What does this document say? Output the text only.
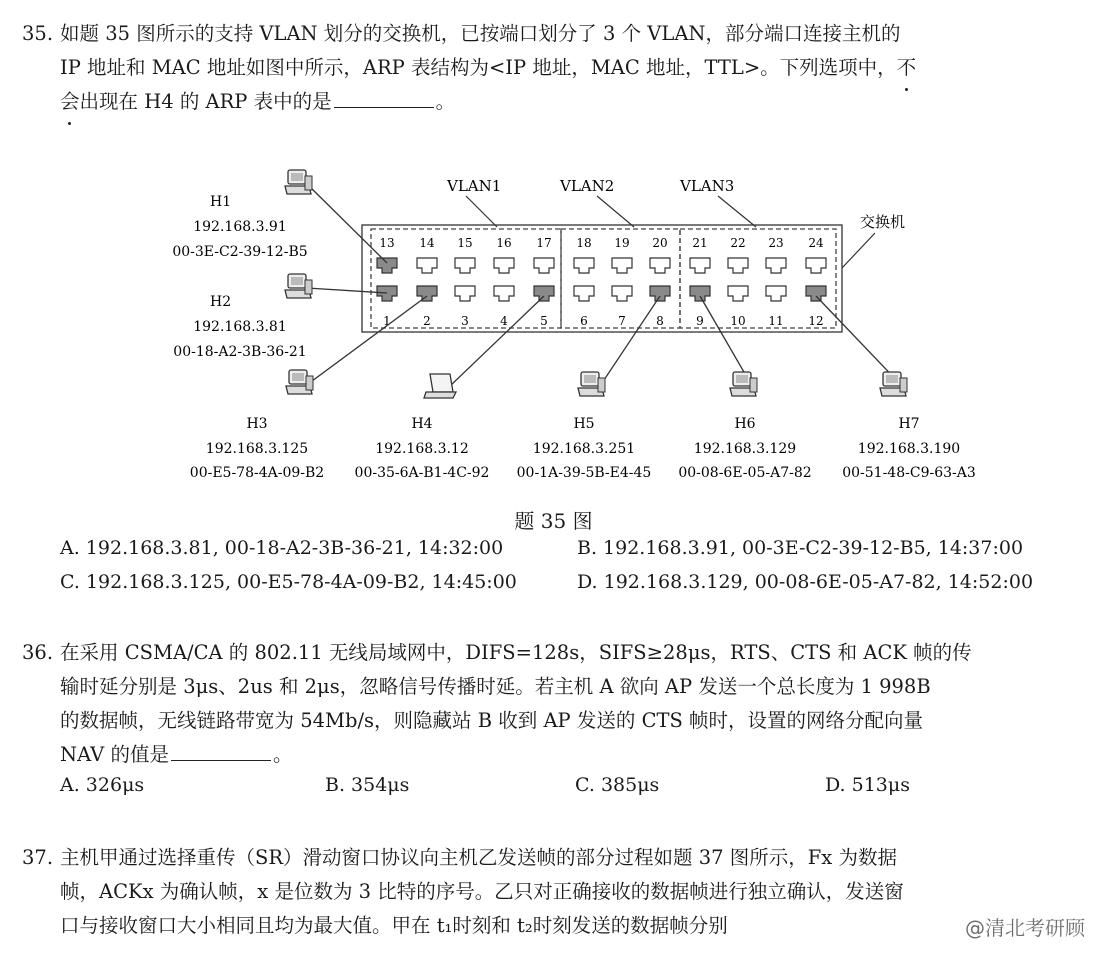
35. 如题 35 图所示的支持 VLAN 划分的交换机，已按端口划分了 3 个 VLAN，部分端口连接主机的
IP 地址和 MAC 地址如图中所示，ARP 表结构为<IP 地址，MAC 地址，TTL>。下列选项中，不
会出现在 H4 的 ARP 表中的是	。
VLAN1	VLAN2	VLAN3
交换机
13 14 15 16 17 18 19 20 21 22 23 24
1	2	3	4	5	6	7	8	9 10 11 12
H1
192.168.3.91
00-3E-C2-39-12-B5
H2
192.168.3.81
00-18-A2-3B-36-21
H3
192.168.3.125
00-E5-78-4A-09-B2
H4
192.168.3.12
00-35-6A-B1-4C-92
H5
192.168.3.251
00-1A-39-5B-E4-45
H6
192.168.3.129
00-08-6E-05-A7-82
H7
192.168.3.190
00-51-48-C9-63-A3
题 35 图
A. 192.168.3.81, 00-18-A2-3B-36-21, 14:32:00	B. 192.168.3.91, 00-3E-C2-39-12-B5, 14:37:00
C. 192.168.3.125, 00-E5-78-4A-09-B2, 14:45:00	D. 192.168.3.129, 00-08-6E-05-A7-82, 14:52:00
36. 在采用 CSMA/CA 的 802.11 无线局域网中，DIFS=128s，SIFS≥28μs，RTS、CTS 和 ACK 帧的传
输时延分别是 3μs、2us 和 2μs，忽略信号传播时延。若主机 A 欲向 AP 发送一个总长度为 1 998B
的数据帧，无线链路带宽为 54Mb/s，则隐藏站 B 收到 AP 发送的 CTS 帧时，设置的网络分配向量
NAV 的值是	。
A. 326μs	B. 354μs	C. 385μs	D. 513μs
37. 主机甲通过选择重传（SR）滑动窗口协议向主机乙发送帧的部分过程如题 37 图所示，Fx 为数据
帧，ACKx 为确认帧，x 是位数为 3 比特的序号。乙只对正确接收的数据帧进行独立确认，发送窗
口与接收窗口大小相同且均为最大值。甲在 t₁时刻和 t₂时刻发送的数据帧分别	@清北考研顾
